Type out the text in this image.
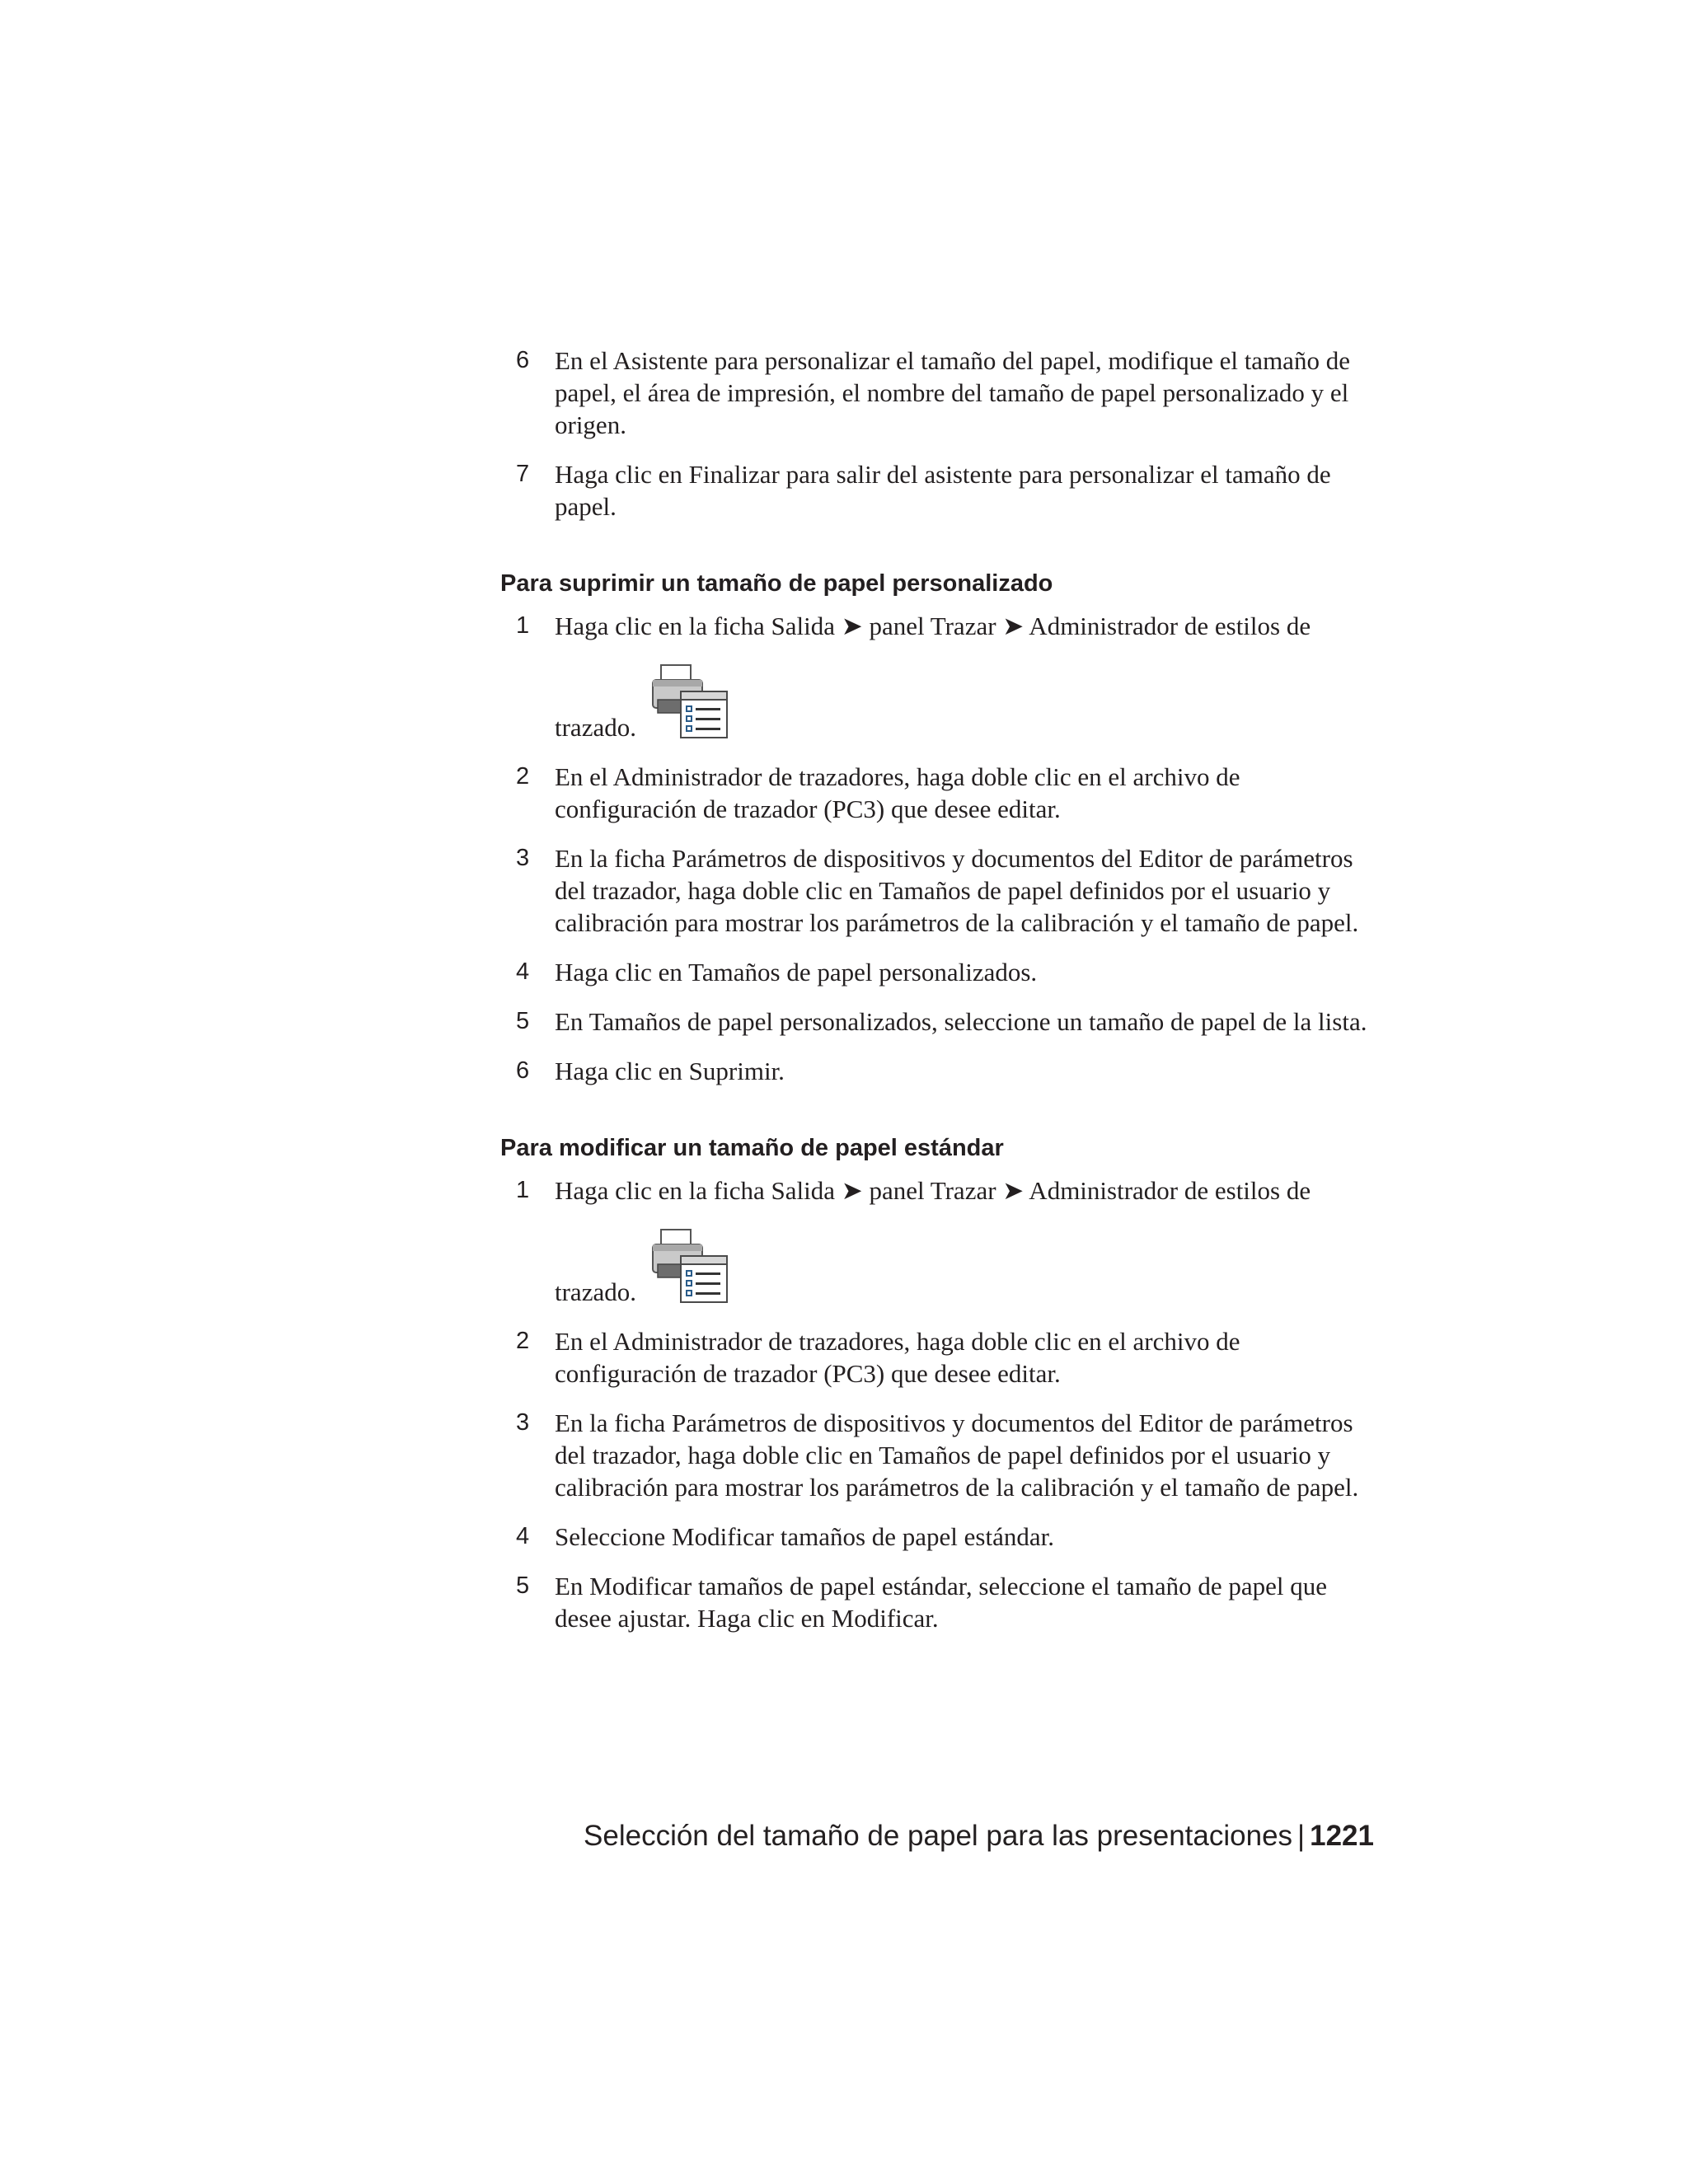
6 En el Asistente para personalizar el tamaño del papel, modifique el tamaño de papel, el área de impresión, el nombre del tamaño de papel personalizado y el origen.
7 Haga clic en Finalizar para salir del asistente para personalizar el tamaño de papel.
Para suprimir un tamaño de papel personalizado
1 Haga clic en la ficha Salida ➤ panel Trazar ➤ Administrador de estilos de
trazado.
2 En el Administrador de trazadores, haga doble clic en el archivo de configuración de trazador (PC3) que desee editar.
3 En la ficha Parámetros de dispositivos y documentos del Editor de parámetros del trazador, haga doble clic en Tamaños de papel definidos por el usuario y calibración para mostrar los parámetros de la calibración y el tamaño de papel.
4 Haga clic en Tamaños de papel personalizados.
5 En Tamaños de papel personalizados, seleccione un tamaño de papel de la lista.
6 Haga clic en Suprimir.
Para modificar un tamaño de papel estándar
1 Haga clic en la ficha Salida ➤ panel Trazar ➤ Administrador de estilos de
trazado.
2 En el Administrador de trazadores, haga doble clic en el archivo de configuración de trazador (PC3) que desee editar.
3 En la ficha Parámetros de dispositivos y documentos del Editor de parámetros del trazador, haga doble clic en Tamaños de papel definidos por el usuario y calibración para mostrar los parámetros de la calibración y el tamaño de papel.
4 Seleccione Modificar tamaños de papel estándar.
5 En Modificar tamaños de papel estándar, seleccione el tamaño de papel que desee ajustar. Haga clic en Modificar.
Selección del tamaño de papel para las presentaciones | 1221
